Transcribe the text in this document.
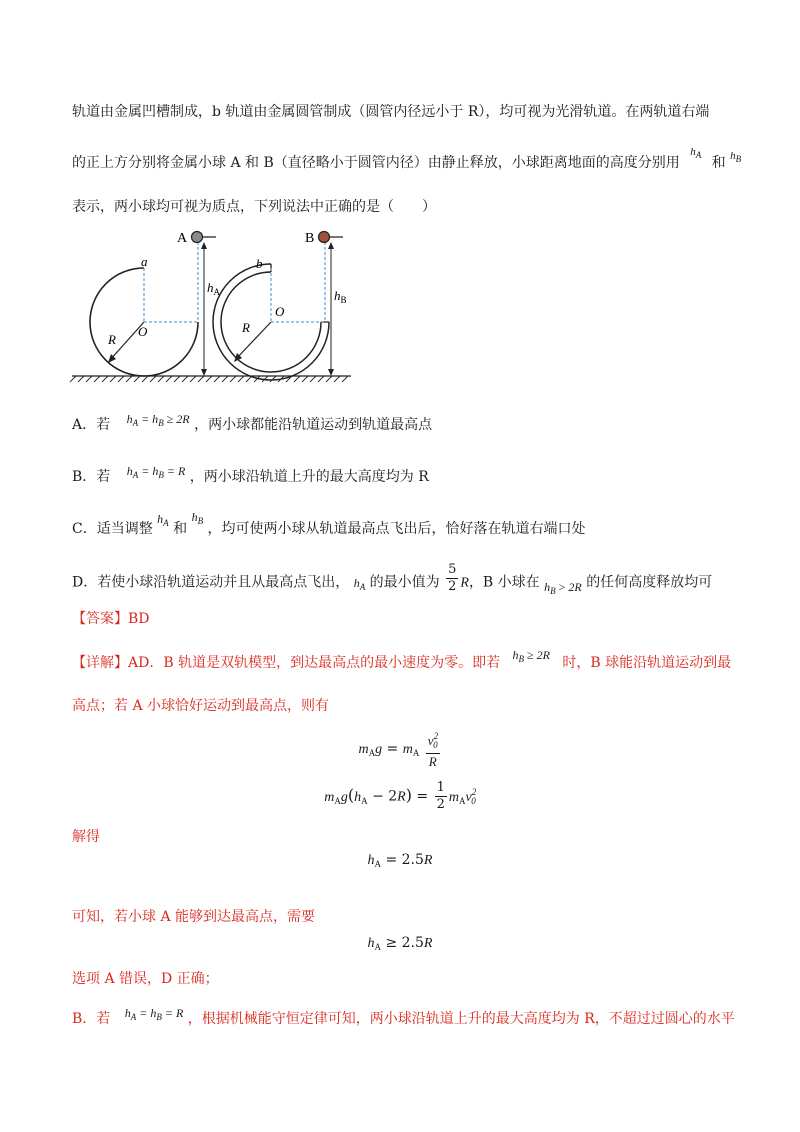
轨道由金属凹槽制成，b 轨道由金属圆管制成（圆管内径远小于 R），均可视为光滑轨道。在两轨道右端
的正上方分别将金属小球 A 和 B（直径略小于圆管内径）由静止释放，小球距离地面的高度分别用 $^{h_A}$ 和 $^{h_B}$
表示，两小球均可视为质点，下列说法中正确的是（　　）
A	B
a	b
O
O
R
R
$h_A$	$h_B$
A．若 $h_A = h_B \ge 2R$ ，两小球都能沿轨道运动到轨道最高点
B．若 $h_A = h_B = R$ ，两小球沿轨道上升的最大高度均为 R
C．适当调整 $h_A$ 和 $h_B$ ，均可使两小球从轨道最高点飞出后，恰好落在轨道右端口处
D．若使小球沿轨道运动并且从最高点飞出， $h_A$ 的最小值为 $\frac{5}{2}$ R，B 小球在 $h_B > 2R$ 的任何高度释放均可
【答案】BD
【详解】AD．B 轨道是双轨模型，到达最高点的最小速度为零。即若 $h_B \ge 2R$ 时，B 球能沿轨道运动到最
高点；若 A 小球恰好运动到最高点，则有
$m_Ag = m_A \frac{v^2_0}{R}$
$m_Ag(h_A - 2R) = \frac{1}{2} m_Av^2_0$
解得
$h_A = 2.5R$
可知，若小球 A 能够到达最高点，需要
$h_A \ge 2.5R$
选项 A 错误，D 正确；
B．若 $h_A = h_B = R$ ，根据机械能守恒定律可知，两小球沿轨道上升的最大高度均为 R，不超过过圆心的水平
